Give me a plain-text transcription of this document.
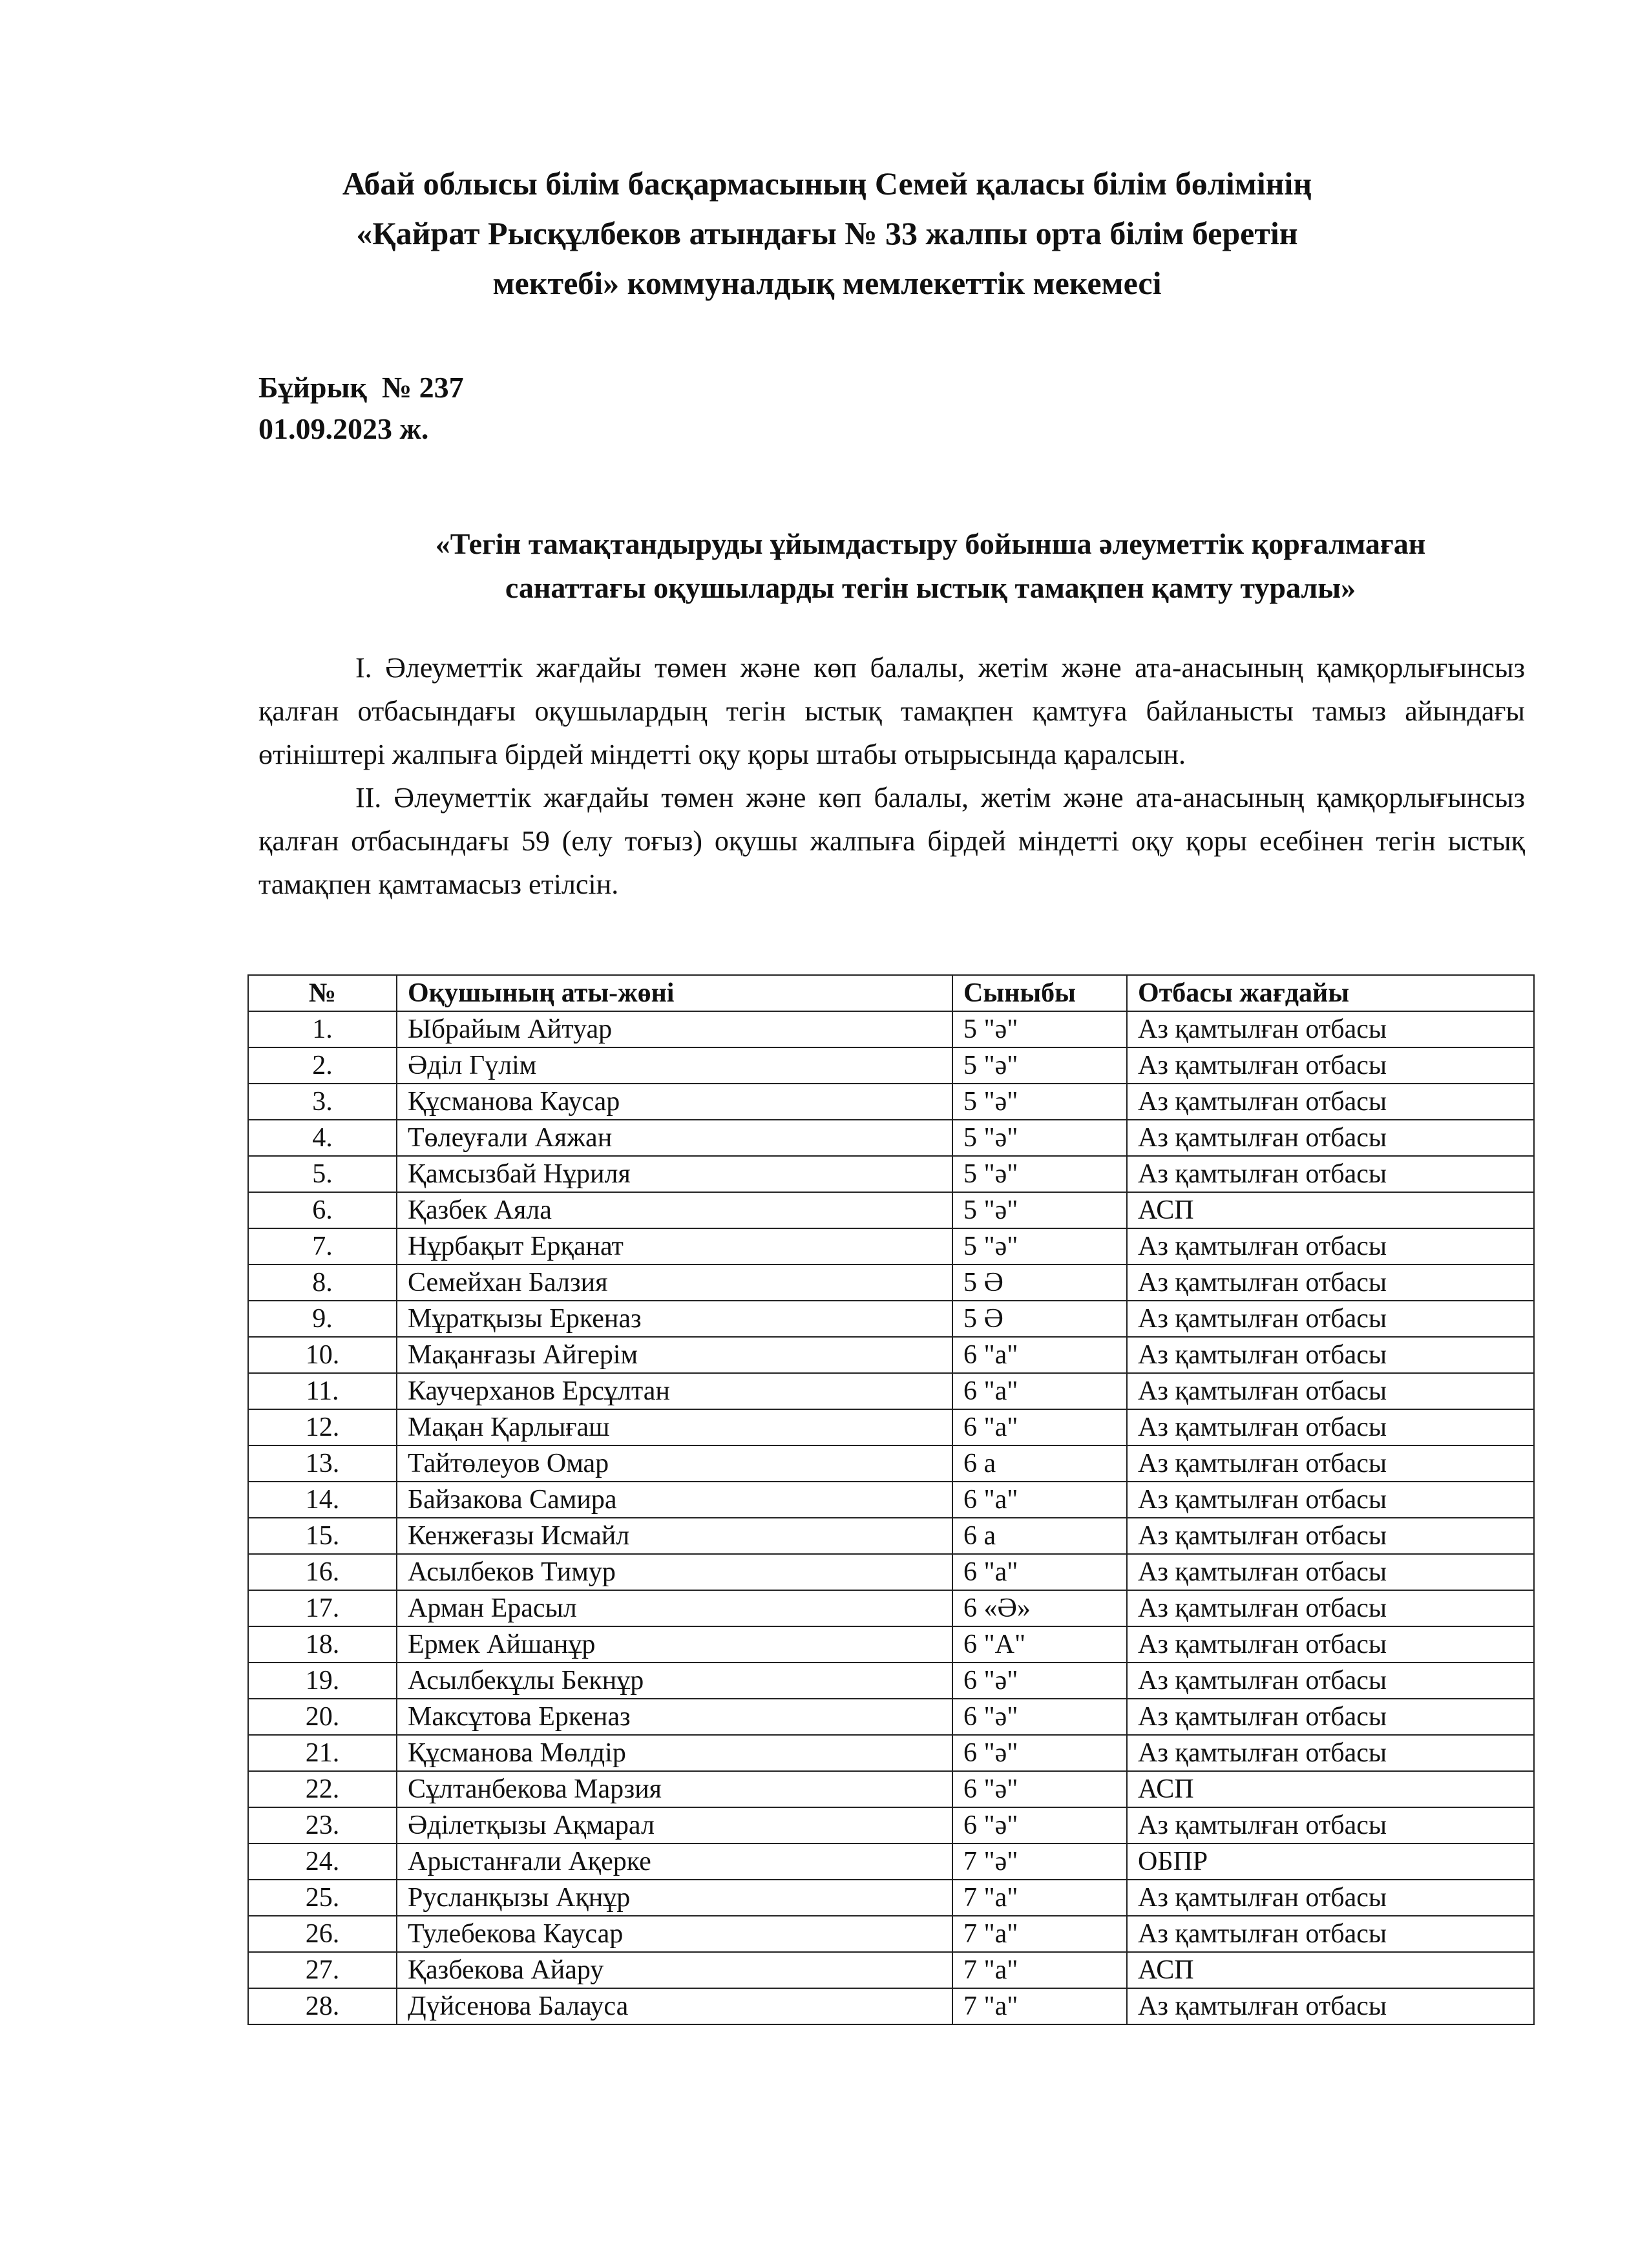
Абай облысы білім басқармасының Семей қаласы білім бөлімінің
«Қайрат Рысқұлбеков атындағы № 33 жалпы орта білім беретін
мектебі» коммуналдық мемлекеттік мекемесі
Бұйрық  № 237
01.09.2023 ж.
«Тегін тамақтандыруды ұйымдастыру бойынша әлеуметтік қорғалмаған
санаттағы оқушыларды тегін ыстық тамақпен қамту туралы»

I. Әлеуметтік жағдайы төмен және көп балалы, жетім және ата-анасының қамқорлығынсыз қалған отбасындағы оқушылардың тегін ыстық тамақпен қамтуға байланысты тамыз айындағы өтініштері жалпыға бірдей міндетті оқу қоры штабы отырысында қаралсын.

II. Әлеуметтік жағдайы төмен және көп балалы, жетім және ата-анасының қамқорлығынсыз қалған отбасындағы 59 (елу тоғыз) оқушы жалпыға бірдей міндетті оқу қоры есебінен тегін ыстық тамақпен қамтамасыз етілсін.

№	Оқушының аты-жөні	Сыныбы	Отбасы жағдайы
1.	Ыбрайым Айтуар	5 "ә"	Аз қамтылған отбасы
2.	Әділ Гүлім	5 "ә"	Аз қамтылған отбасы
3.	Құсманова Каусар	5 "ә"	Аз қамтылған отбасы
4.	Төлеуғали Аяжан	5 "ә"	Аз қамтылған отбасы
5.	Қамсызбай Нұриля	5 "ә"	Аз қамтылған отбасы
6.	Қазбек Аяла	5 "ә"	АСП
7.	Нұрбақыт Ерқанат	5 "ә"	Аз қамтылған отбасы
8.	Семейхан Балзия	5 Ә	Аз қамтылған отбасы
9.	Мұратқызы Еркеназ	5 Ә	Аз қамтылған отбасы
10.	Мақанғазы Айгерім	6 "а"	Аз қамтылған отбасы
11.	Каучерханов Ерсұлтан	6 "а"	Аз қамтылған отбасы
12.	Мақан Қарлығаш	6 "а"	Аз қамтылған отбасы
13.	Тайтөлеуов Омар	6 а	Аз қамтылған отбасы
14.	Байзакова Самира	6 "а"	Аз қамтылған отбасы
15.	Кенжеғазы Исмайл	6 а	Аз қамтылған отбасы
16.	Асылбеков Тимур	6 "а"	Аз қамтылған отбасы
17.	Арман Ерасыл	6 «Ә»	Аз қамтылған отбасы
18.	Ермек Айшанұр	6 "А"	Аз қамтылған отбасы
19.	Асылбекұлы Бекнұр	6 "ә"	Аз қамтылған отбасы
20.	Максұтова Еркеназ	6 "ә"	Аз қамтылған отбасы
21.	Құсманова Мөлдір	6 "ә"	Аз қамтылған отбасы
22.	Сұлтанбекова Марзия	6 "ә"	АСП
23.	Әділетқызы Ақмарал	6 "ә"	Аз қамтылған отбасы
24.	Арыстанғали Ақерке	7 "ә"	ОБПР
25.	Русланқызы Ақнұр	7 "а"	Аз қамтылған отбасы
26.	Тулебекова Каусар	7 "а"	Аз қамтылған отбасы
27.	Қазбекова Айару	7 "а"	АСП
28.	Дүйсенова Балауса	7 "а"	Аз қамтылған отбасы
